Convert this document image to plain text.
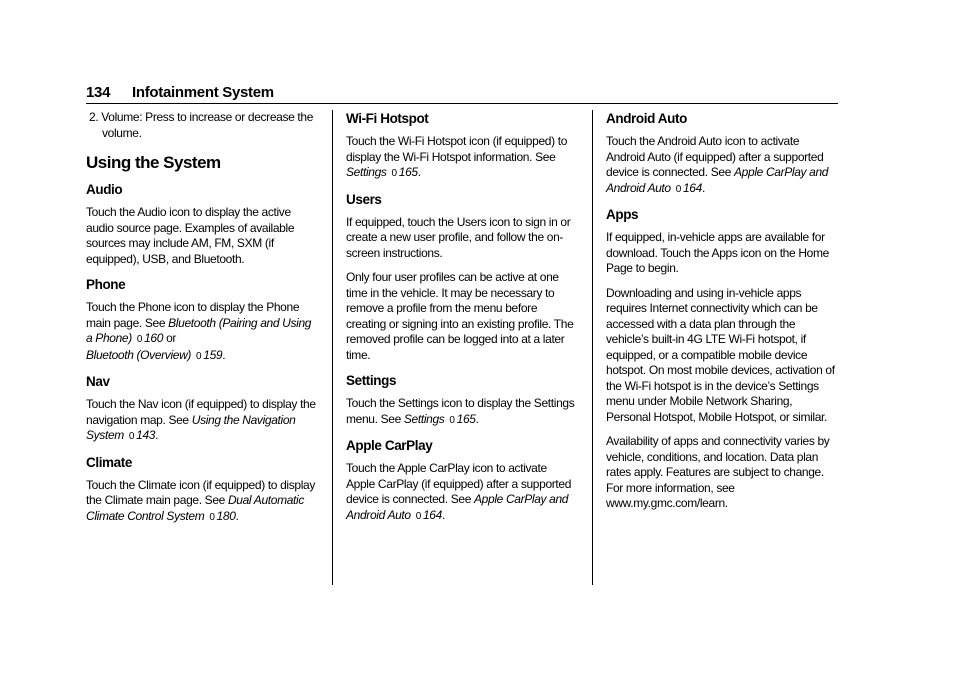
134 Infotainment System

2. Volume: Press to increase or decrease the volume.

Using the System
Audio

Touch the Audio icon to display the active audio source page. Examples of available sources may include AM, FM, SXM (if equipped), USB, and Bluetooth.

Phone

Touch the Phone icon to display the Phone main page. See Bluetooth (Pairing and Using a Phone) 0 160 or
Bluetooth (Overview) 0 159.

Nav

Touch the Nav icon (if equipped) to display the navigation map. See Using the Navigation System 0 143.

Climate

Touch the Climate icon (if equipped) to display the Climate main page. See Dual Automatic Climate Control System 0 180.

Wi-Fi Hotspot

Touch the Wi-Fi Hotspot icon (if equipped) to display the Wi-Fi Hotspot information. See Settings 0 165.

Users

If equipped, touch the Users icon to sign in or create a new user profile, and follow the on-screen instructions.

Only four user profiles can be active at one time in the vehicle. It may be necessary to remove a profile from the menu before creating or signing into an existing profile. The removed profile can be logged into at a later time.

Settings

Touch the Settings icon to display the Settings menu. See Settings 0 165.

Apple CarPlay

Touch the Apple CarPlay icon to activate Apple CarPlay (if equipped) after a supported device is connected. See Apple CarPlay and Android Auto 0 164.

Android Auto

Touch the Android Auto icon to activate Android Auto (if equipped) after a supported device is connected. See Apple CarPlay and Android Auto 0 164.

Apps

If equipped, in-vehicle apps are available for download. Touch the Apps icon on the Home Page to begin.

Downloading and using in-vehicle apps requires Internet connectivity which can be accessed with a data plan through the vehicle’s built-in 4G LTE Wi-Fi hotspot, if equipped, or a compatible mobile device hotspot. On most mobile devices, activation of the Wi-Fi hotspot is in the device’s Settings menu under Mobile Network Sharing, Personal Hotspot, Mobile Hotspot, or similar.

Availability of apps and connectivity varies by vehicle, conditions, and location. Data plan rates apply. Features are subject to change. For more information, see www.my.gmc.com/learn.
